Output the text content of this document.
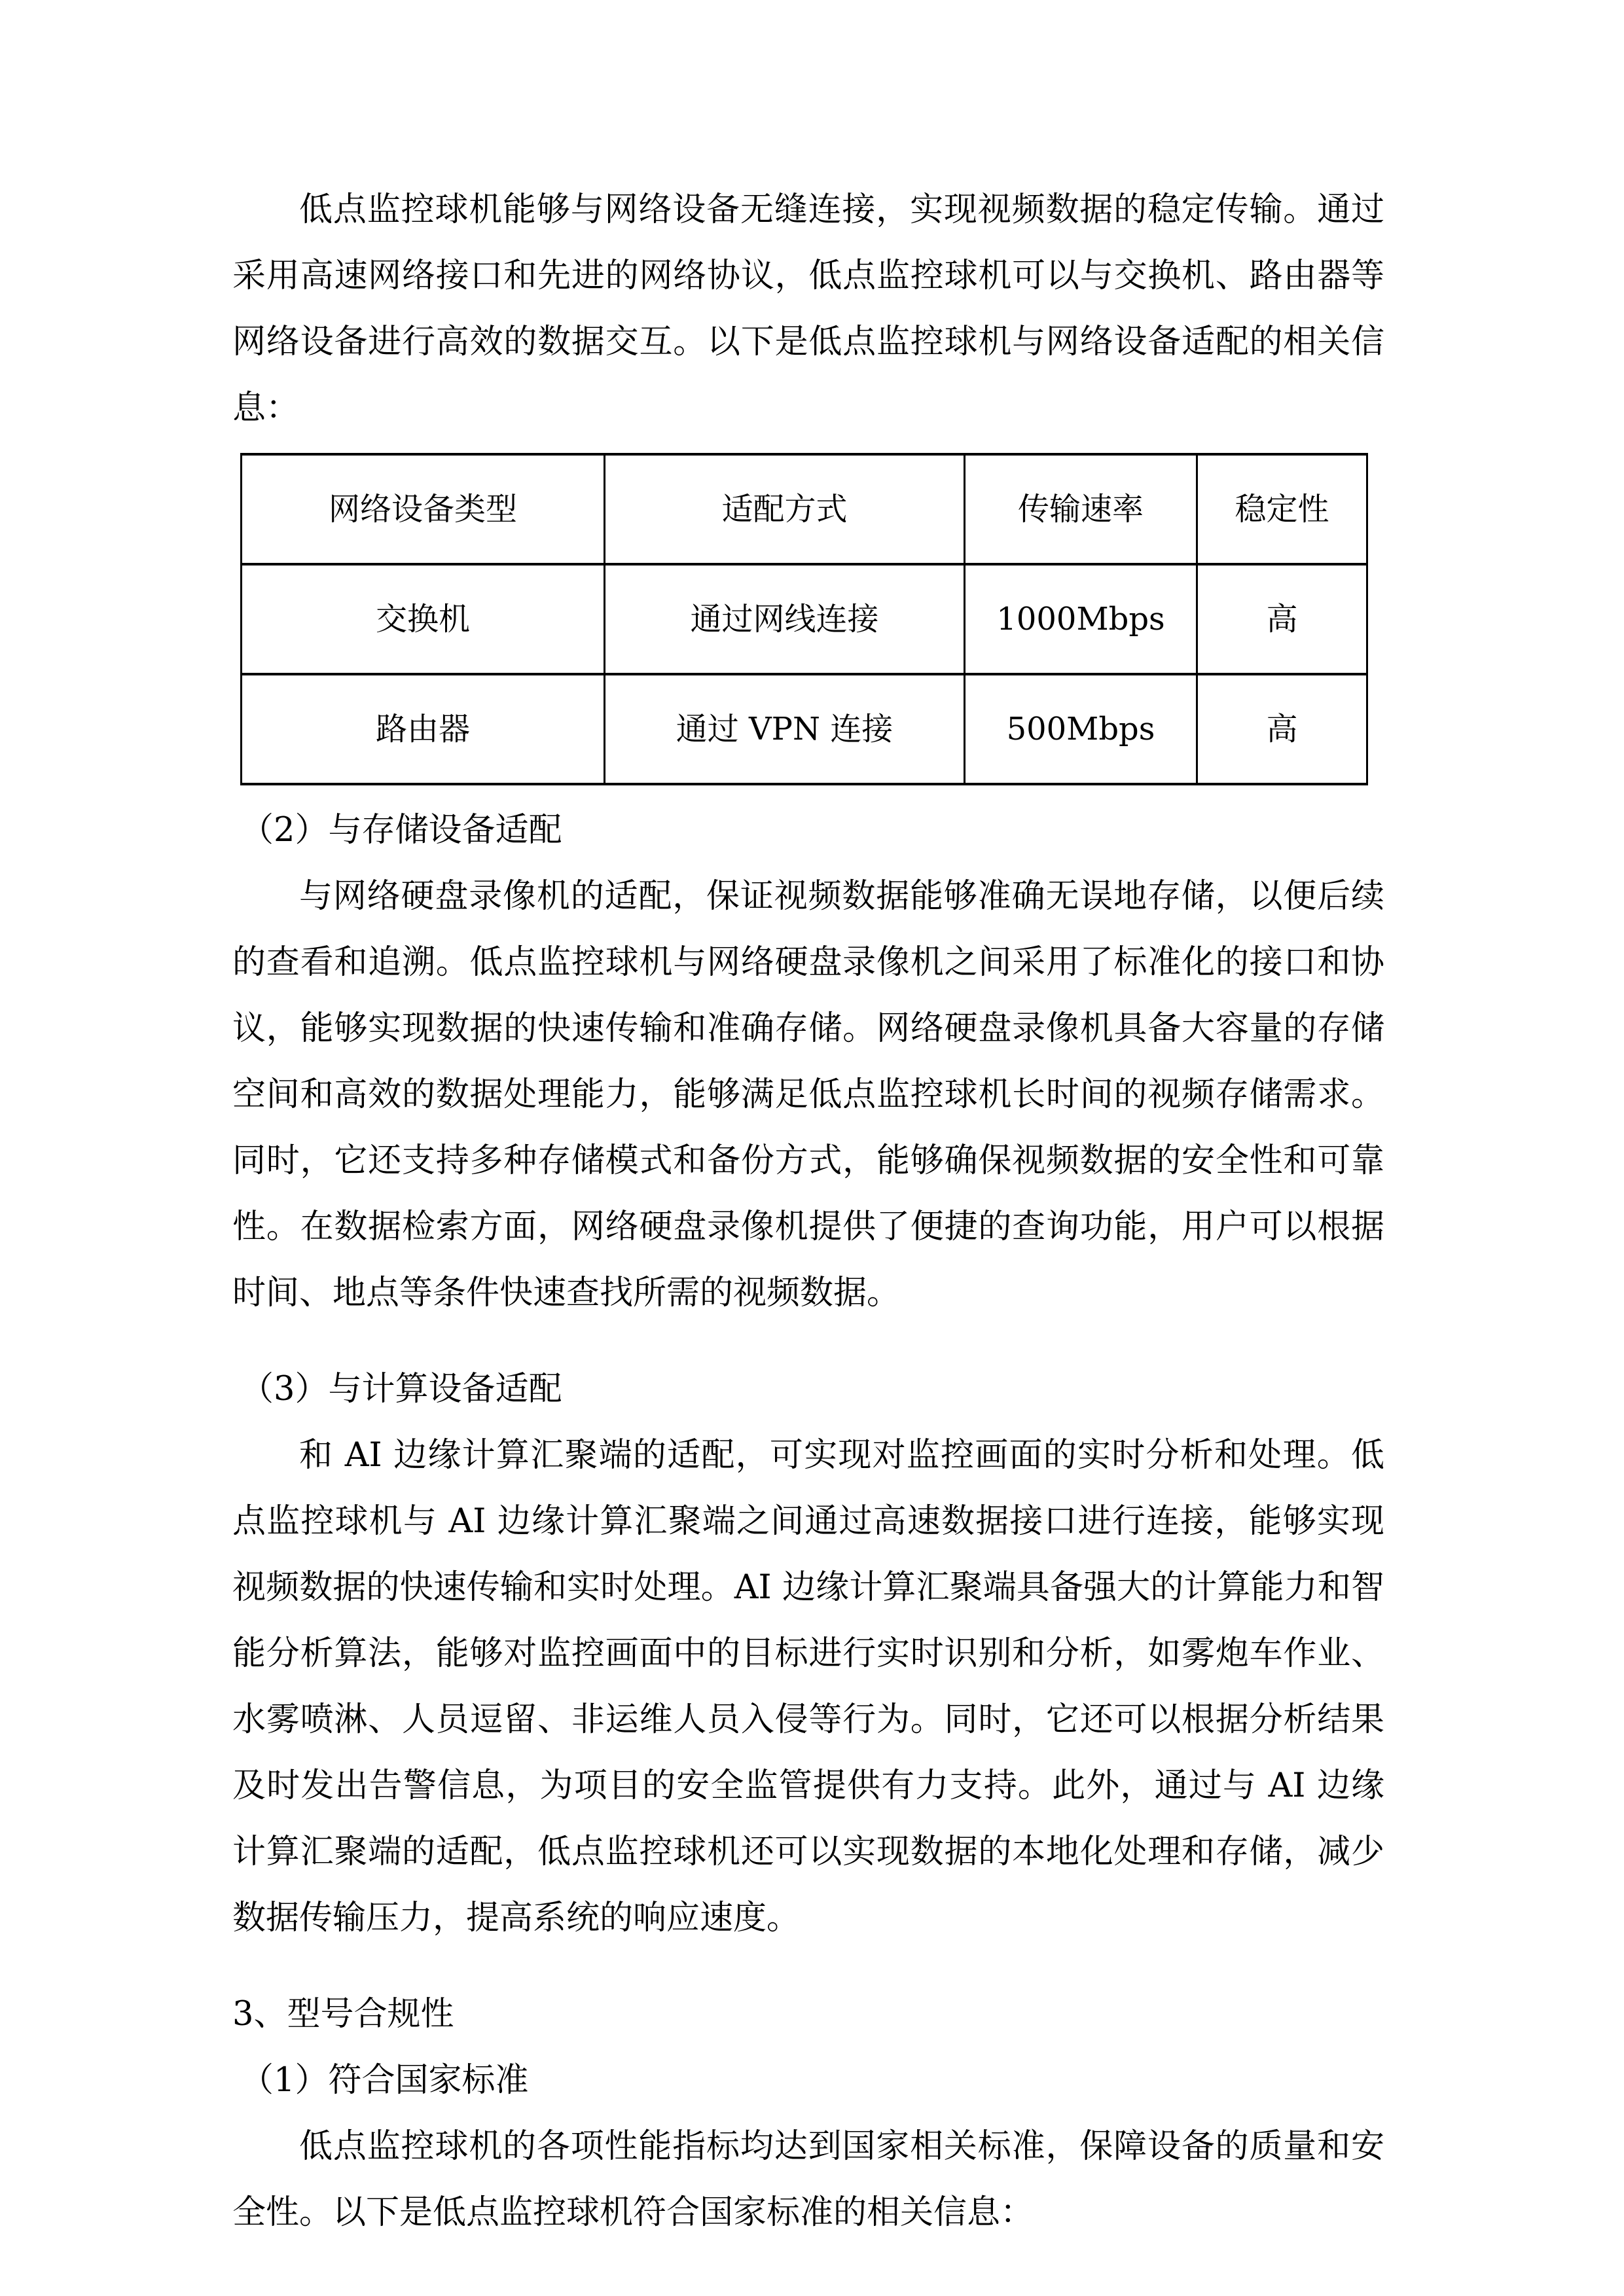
低点监控球机能够与网络设备无缝连接，实现视频数据的稳定传输。通过采用高速网络接口和先进的网络协议，低点监控球机可以与交换机、路由器等网络设备进行高效的数据交互。以下是低点监控球机与网络设备适配的相关信息：

网络设备类型	适配方式	传输速率	稳定性
交换机	通过网线连接	1000Mbps	高
路由器	通过 VPN 连接	500Mbps	高

（2）与存储设备适配

与网络硬盘录像机的适配，保证视频数据能够准确无误地存储，以便后续的查看和追溯。低点监控球机与网络硬盘录像机之间采用了标准化的接口和协议，能够实现数据的快速传输和准确存储。网络硬盘录像机具备大容量的存储空间和高效的数据处理能力，能够满足低点监控球机长时间的视频存储需求。同时，它还支持多种存储模式和备份方式，能够确保视频数据的安全性和可靠性。在数据检索方面，网络硬盘录像机提供了便捷的查询功能，用户可以根据时间、地点等条件快速查找所需的视频数据。

（3）与计算设备适配

和 AI 边缘计算汇聚端的适配，可实现对监控画面的实时分析和处理。低点监控球机与 AI 边缘计算汇聚端之间通过高速数据接口进行连接，能够实现视频数据的快速传输和实时处理。AI 边缘计算汇聚端具备强大的计算能力和智能分析算法，能够对监控画面中的目标进行实时识别和分析，如雾炮车作业、水雾喷淋、人员逗留、非运维人员入侵等行为。同时，它还可以根据分析结果及时发出告警信息，为项目的安全监管提供有力支持。此外，通过与 AI 边缘计算汇聚端的适配，低点监控球机还可以实现数据的本地化处理和存储，减少数据传输压力，提高系统的响应速度。

3、型号合规性

（1）符合国家标准

低点监控球机的各项性能指标均达到国家相关标准，保障设备的质量和安全性。以下是低点监控球机符合国家标准的相关信息：
